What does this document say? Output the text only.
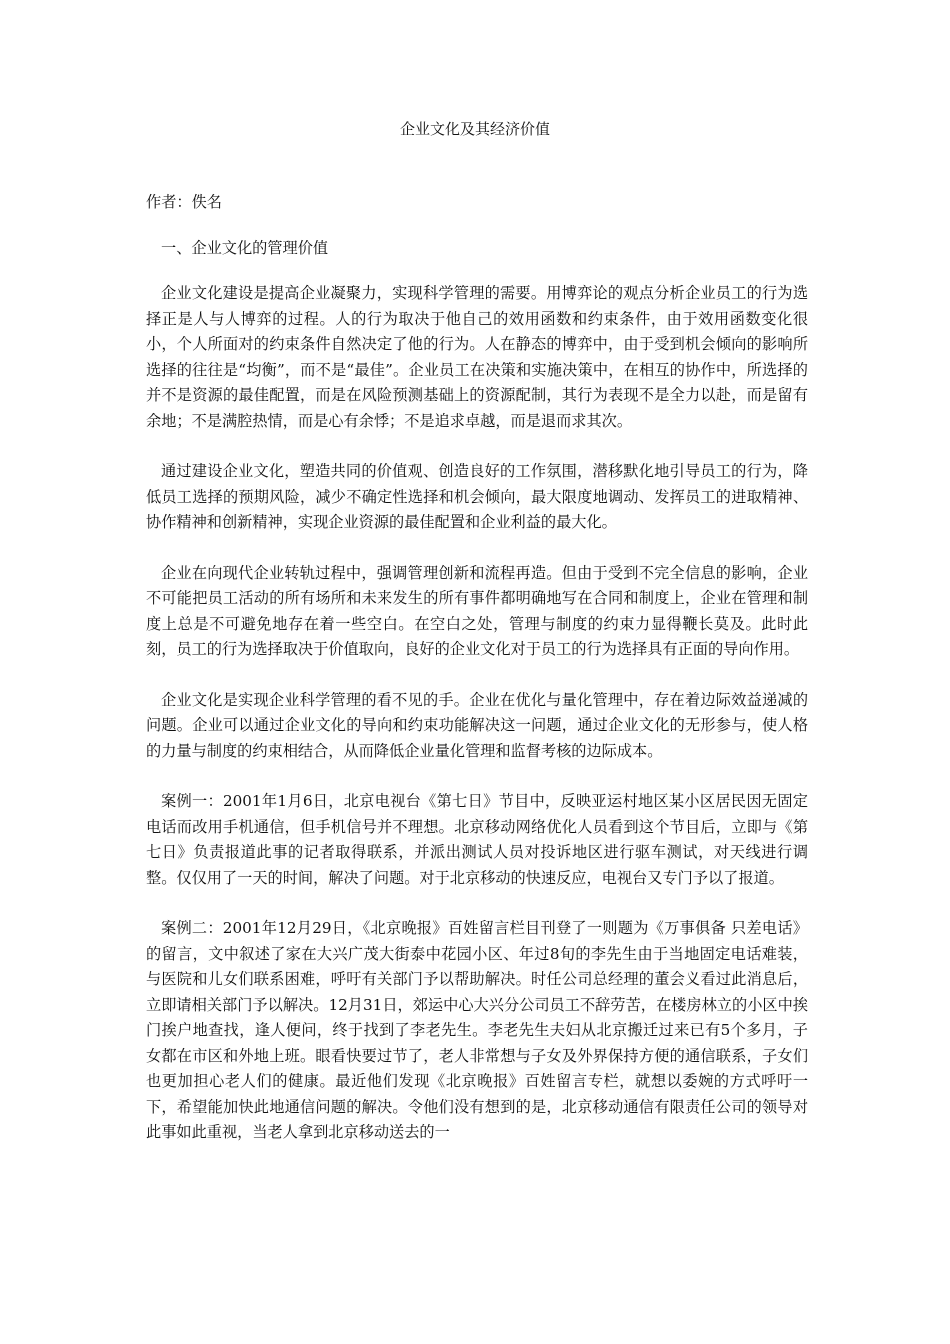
企业文化及其经济价值

作者：佚名

一、企业文化的管理价值

企业文化建设是提高企业凝聚力，实现科学管理的需要。用博弈论的观点分析企业员工的行为选择正是人与人博弈的过程。人的行为取决于他自己的效用函数和约束条件，由于效用函数变化很小，个人所面对的约束条件自然决定了他的行为。人在静态的博弈中，由于受到机会倾向的影响所选择的往往是“均衡”，而不是“最佳”。企业员工在决策和实施决策中，在相互的协作中，所选择的并不是资源的最佳配置，而是在风险预测基础上的资源配制，其行为表现不是全力以赴，而是留有余地；不是满腔热情，而是心有余悸；不是追求卓越，而是退而求其次。

通过建设企业文化，塑造共同的价值观、创造良好的工作氛围，潜移默化地引导员工的行为，降低员工选择的预期风险，减少不确定性选择和机会倾向，最大限度地调动、发挥员工的进取精神、协作精神和创新精神，实现企业资源的最佳配置和企业利益的最大化。

企业在向现代企业转轨过程中，强调管理创新和流程再造。但由于受到不完全信息的影响，企业不可能把员工活动的所有场所和未来发生的所有事件都明确地写在合同和制度上，企业在管理和制度上总是不可避免地存在着一些空白。在空白之处，管理与制度的约束力显得鞭长莫及。此时此刻，员工的行为选择取决于价值取向，良好的企业文化对于员工的行为选择具有正面的导向作用。

企业文化是实现企业科学管理的看不见的手。企业在优化与量化管理中，存在着边际效益递减的问题。企业可以通过企业文化的导向和约束功能解决这一问题，通过企业文化的无形参与，使人格的力量与制度的约束相结合，从而降低企业量化管理和监督考核的边际成本。

案例一：2001年1月6日，北京电视台《第七日》节目中，反映亚运村地区某小区居民因无固定电话而改用手机通信，但手机信号并不理想。北京移动网络优化人员看到这个节目后，立即与《第七日》负责报道此事的记者取得联系，并派出测试人员对投诉地区进行驱车测试，对天线进行调整。仅仅用了一天的时间，解决了问题。对于北京移动的快速反应，电视台又专门予以了报道。

案例二：2001年12月29日，《北京晚报》百姓留言栏目刊登了一则题为《万事俱备 只差电话》的留言，文中叙述了家在大兴广茂大街泰中花园小区、年过8旬的李先生由于当地固定电话难装，与医院和儿女们联系困难，呼吁有关部门予以帮助解决。时任公司总经理的董会义看过此消息后，立即请相关部门予以解决。12月31日，郊运中心大兴分公司员工不辞劳苦，在楼房林立的小区中挨门挨户地查找，逢人便问，终于找到了李老先生。李老先生夫妇从北京搬迁过来已有5个多月，子女都在市区和外地上班。眼看快要过节了，老人非常想与子女及外界保持方便的通信联系，子女们也更加担心老人们的健康。最近他们发现《北京晚报》百姓留言专栏，就想以委婉的方式呼吁一下，希望能加快此地通信问题的解决。令他们没有想到的是，北京移动通信有限责任公司的领导对此事如此重视，当老人拿到北京移动送去的一
